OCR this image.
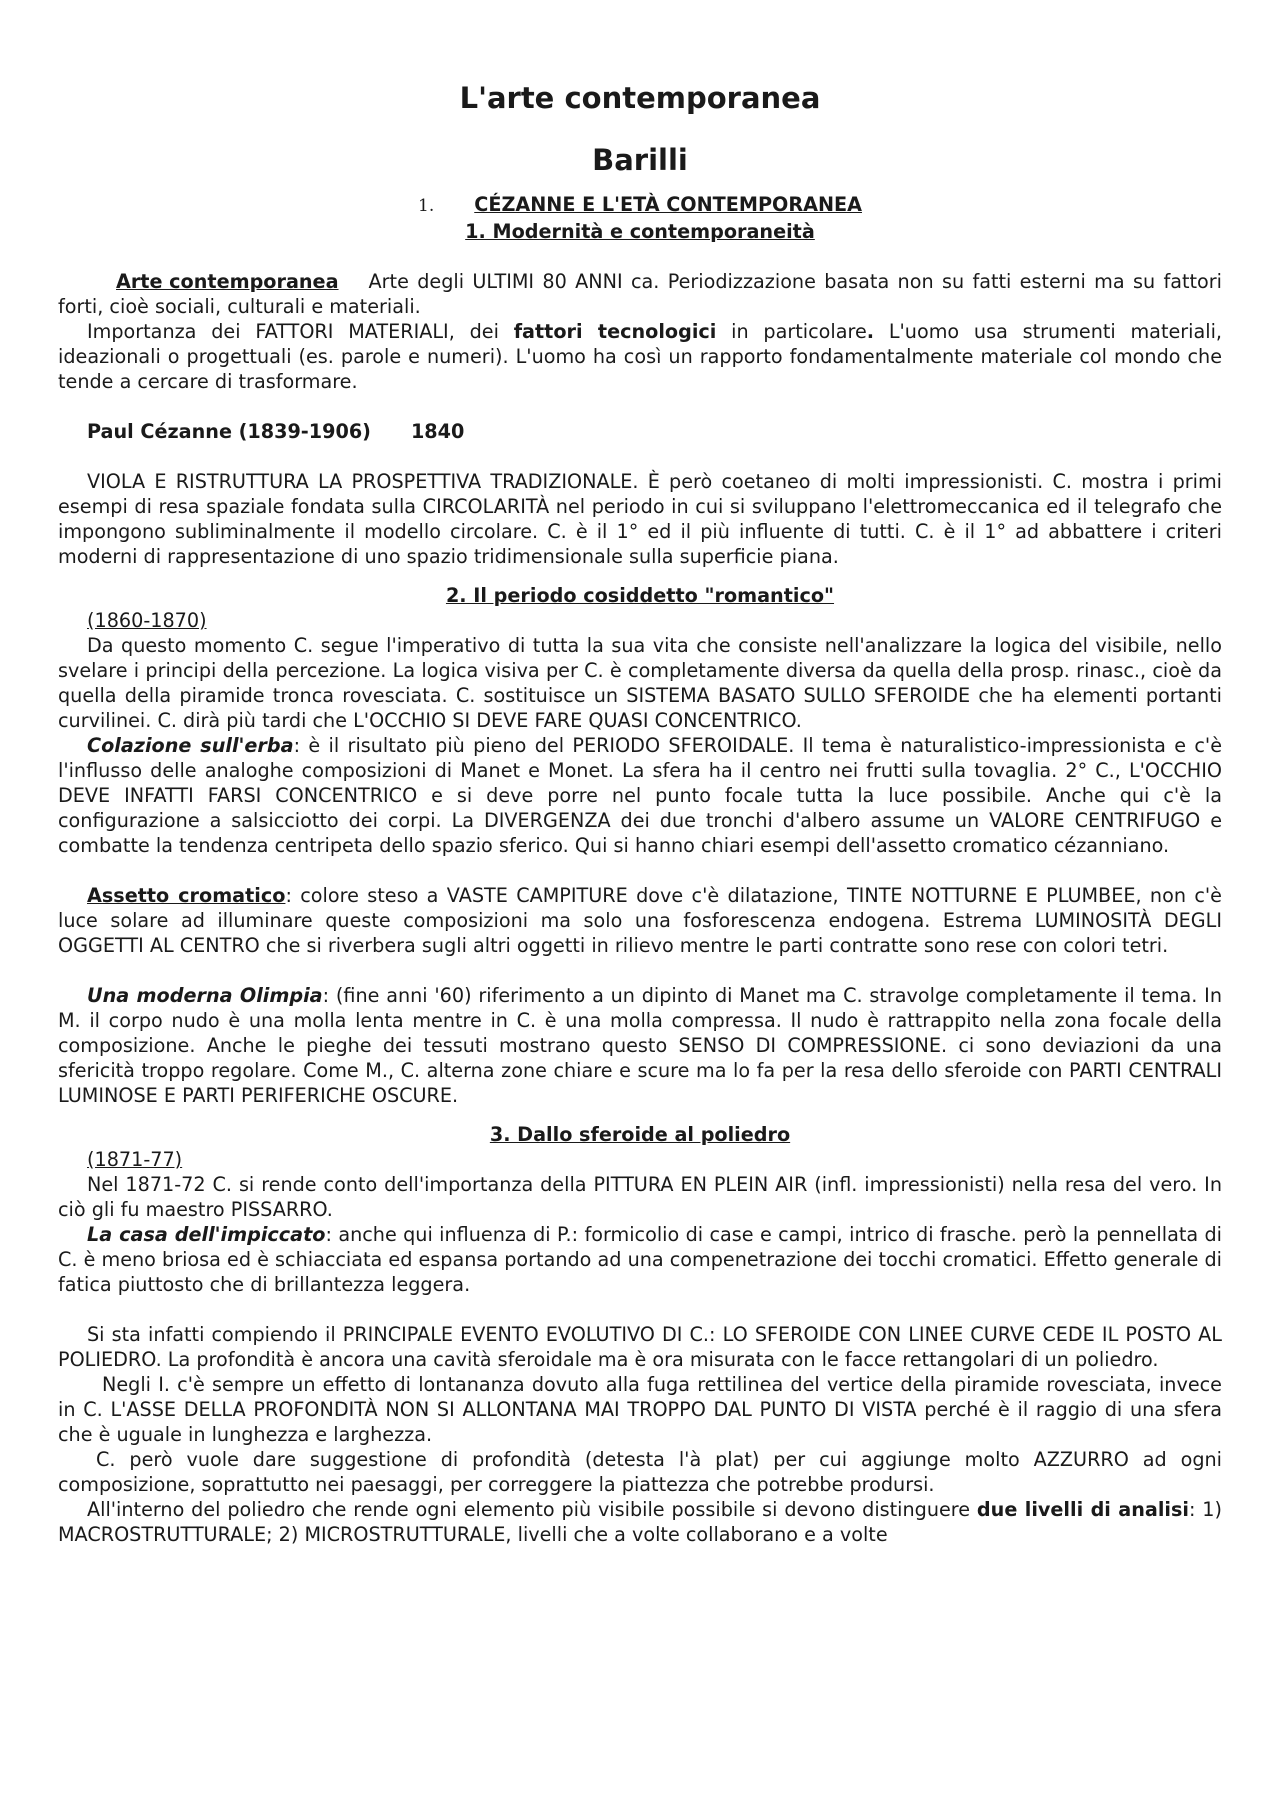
L'arte contemporanea
Barilli
1. CÉZANNE E L'ETÀ CONTEMPORANEA
1. Modernità e contemporaneità

Arte contemporanea Arte degli ULTIMI 80 ANNI ca. Periodizzazione basata non su fatti esterni ma su fattori forti, cioè sociali, culturali e materiali.

Importanza dei FATTORI MATERIALI, dei fattori tecnologici in particolare. L'uomo usa strumenti materiali, ideazionali o progettuali (es. parole e numeri). L'uomo ha così un rapporto fondamentalmente materiale col mondo che tende a cercare di trasformare.

Paul Cézanne (1839-1906) 1840

VIOLA E RISTRUTTURA LA PROSPETTIVA TRADIZIONALE. È però coetaneo di molti impressionisti. C. mostra i primi esempi di resa spaziale fondata sulla CIRCOLARITÀ nel periodo in cui si sviluppano l'elettromeccanica ed il telegrafo che impongono subliminalmente il modello circolare. C. è il 1° ed il più influente di tutti. C. è il 1° ad abbattere i criteri moderni di rappresentazione di uno spazio tridimensionale sulla superficie piana.

2. Il periodo cosiddetto "romantico"
(1860-1870)

Da questo momento C. segue l'imperativo di tutta la sua vita che consiste nell'analizzare la logica del visibile, nello svelare i principi della percezione. La logica visiva per C. è completamente diversa da quella della prosp. rinasc., cioè da quella della piramide tronca rovesciata. C. sostituisce un SISTEMA BASATO SULLO SFEROIDE che ha elementi portanti curvilinei. C. dirà più tardi che L'OCCHIO SI DEVE FARE QUASI CONCENTRICO.

Colazione sull'erba: è il risultato più pieno del PERIODO SFEROIDALE. Il tema è naturalistico-impressionista e c'è l'influsso delle analoghe composizioni di Manet e Monet. La sfera ha il centro nei frutti sulla tovaglia. 2° C., L'OCCHIO DEVE INFATTI FARSI CONCENTRICO e si deve porre nel punto focale tutta la luce possibile. Anche qui c'è la configurazione a salsicciotto dei corpi. La DIVERGENZA dei due tronchi d'albero assume un VALORE CENTRIFUGO e combatte la tendenza centripeta dello spazio sferico. Qui si hanno chiari esempi dell'assetto cromatico cézanniano.

Assetto cromatico: colore steso a VASTE CAMPITURE dove c'è dilatazione, TINTE NOTTURNE E PLUMBEE, non c'è luce solare ad illuminare queste composizioni ma solo una fosforescenza endogena. Estrema LUMINOSITÀ DEGLI OGGETTI AL CENTRO che si riverbera sugli altri oggetti in rilievo mentre le parti contratte sono rese con colori tetri.

Una moderna Olimpia: (fine anni '60) riferimento a un dipinto di Manet ma C. stravolge completamente il tema. In M. il corpo nudo è una molla lenta mentre in C. è una molla compressa. Il nudo è rattrappito nella zona focale della composizione. Anche le pieghe dei tessuti mostrano questo SENSO DI COMPRESSIONE. ci sono deviazioni da una sfericità troppo regolare. Come M., C. alterna zone chiare e scure ma lo fa per la resa dello sferoide con PARTI CENTRALI LUMINOSE E PARTI PERIFERICHE OSCURE.

3. Dallo sferoide al poliedro
(1871-77)

Nel 1871-72 C. si rende conto dell'importanza della PITTURA EN PLEIN AIR (infl. impressionisti) nella resa del vero. In ciò gli fu maestro PISSARRO.

La casa dell'impiccato: anche qui influenza di P.: formicolio di case e campi, intrico di frasche. però la pennellata di C. è meno briosa ed è schiacciata ed espansa portando ad una compenetrazione dei tocchi cromatici. Effetto generale di fatica piuttosto che di brillantezza leggera.

Si sta infatti compiendo il PRINCIPALE EVENTO EVOLUTIVO DI C.: LO SFEROIDE CON LINEE CURVE CEDE IL POSTO AL POLIEDRO. La profondità è ancora una cavità sferoidale ma è ora misurata con le facce rettangolari di un poliedro.

Negli I. c'è sempre un effetto di lontananza dovuto alla fuga rettilinea del vertice della piramide rovesciata, invece in C. L'ASSE DELLA PROFONDITÀ NON SI ALLONTANA MAI TROPPO DAL PUNTO DI VISTA perché è il raggio di una sfera che è uguale in lunghezza e larghezza.

C. però vuole dare suggestione di profondità (detesta l'à plat) per cui aggiunge molto AZZURRO ad ogni composizione, soprattutto nei paesaggi, per correggere la piattezza che potrebbe prodursi.

All'interno del poliedro che rende ogni elemento più visibile possibile si devono distinguere due livelli di analisi: 1) MACROSTRUTTURALE; 2) MICROSTRUTTURALE, livelli che a volte collaborano e a volte
